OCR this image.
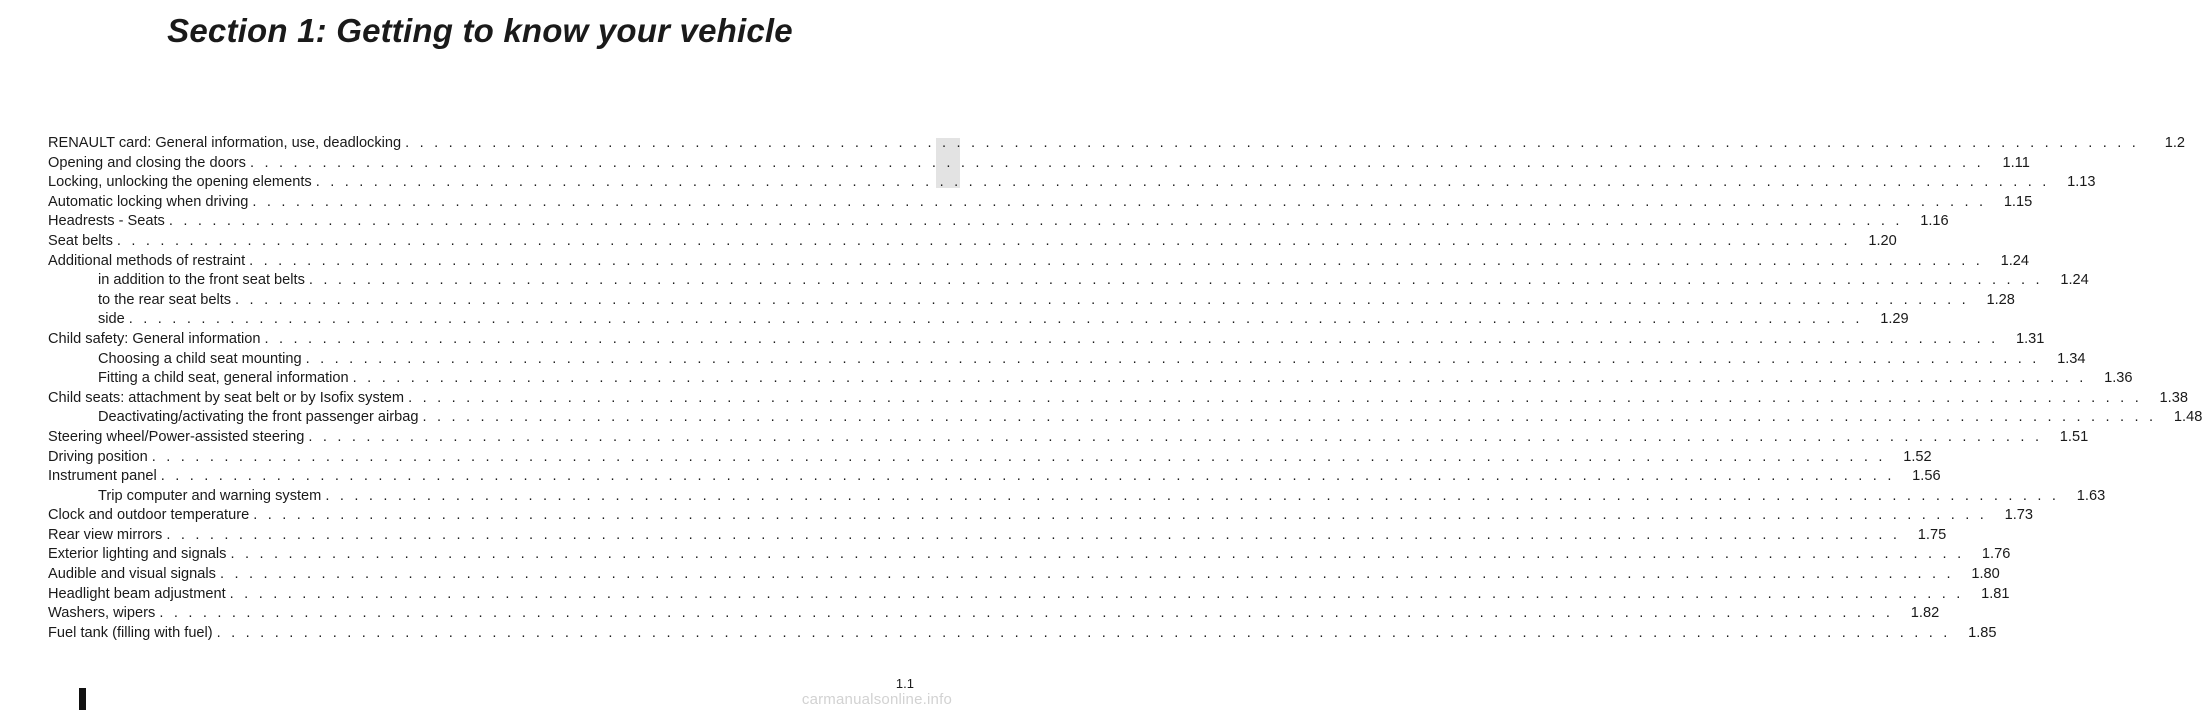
Section 1: Getting to know your vehicle
RENAULT card: General information, use, deadlocking . . . . . . . . . . . . . . . . . . . . . . . . . . . . . . . . . . . . . . . . . . . . . . . . . . . . . . . . . . . . . . . . . . . . . . . . . . . . . . . . . . . . . . . . . . . . . . . . . . . . . . . . . . . . . . . . . . . . . . . .	1.2
Opening and closing the doors . . . . . . . . . . . . . . . . . . . . . . . . . . . . . . . . . . . . . . . . . . . . . . . . . . . . . . . . . . . . . . . . . . . . . . . . . . . . . . . . . . . . . . . . . . . . . . . . . . . . . . . . . . . . . . . . . . . . . . . .	1.11
Locking, unlocking the opening elements . . . . . . . . . . . . . . . . . . . . . . . . . . . . . . . . . . . . . . . . . . . . . . . . . . . . . . . . . . . . . . . . . . . . . . . . . . . . . . . . . . . . . . . . . . . . . . . . . . . . . . . . . . . . . . . . . . . . . . . .	1.13
Automatic locking when driving . . . . . . . . . . . . . . . . . . . . . . . . . . . . . . . . . . . . . . . . . . . . . . . . . . . . . . . . . . . . . . . . . . . . . . . . . . . . . . . . . . . . . . . . . . . . . . . . . . . . . . . . . . . . . . . . . . . . . . . .	1.15
Headrests - Seats . . . . . . . . . . . . . . . . . . . . . . . . . . . . . . . . . . . . . . . . . . . . . . . . . . . . . . . . . . . . . . . . . . . . . . . . . . . . . . . . . . . . . . . . . . . . . . . . . . . . . . . . . . . . . . . . . . . . . . . .	1.16
Seat belts . . . . . . . . . . . . . . . . . . . . . . . . . . . . . . . . . . . . . . . . . . . . . . . . . . . . . . . . . . . . . . . . . . . . . . . . . . . . . . . . . . . . . . . . . . . . . . . . . . . . . . . . . . . . . . . . . . . . . . . .	1.20
Additional methods of restraint . . . . . . . . . . . . . . . . . . . . . . . . . . . . . . . . . . . . . . . . . . . . . . . . . . . . . . . . . . . . . . . . . . . . . . . . . . . . . . . . . . . . . . . . . . . . . . . . . . . . . . . . . . . . . . . . . . . . . . . .	1.24
in addition to the front seat belts . . . . . . . . . . . . . . . . . . . . . . . . . . . . . . . . . . . . . . . . . . . . . . . . . . . . . . . . . . . . . . . . . . . . . . . . . . . . . . . . . . . . . . . . . . . . . . . . . . . . . . . . . . . . . . . . . . . . . . . .	1.24
to the rear seat belts . . . . . . . . . . . . . . . . . . . . . . . . . . . . . . . . . . . . . . . . . . . . . . . . . . . . . . . . . . . . . . . . . . . . . . . . . . . . . . . . . . . . . . . . . . . . . . . . . . . . . . . . . . . . . . . . . . . . . . . .	1.28
side . . . . . . . . . . . . . . . . . . . . . . . . . . . . . . . . . . . . . . . . . . . . . . . . . . . . . . . . . . . . . . . . . . . . . . . . . . . . . . . . . . . . . . . . . . . . . . . . . . . . . . . . . . . . . . . . . . . . . . . .	1.29
Child safety: General information . . . . . . . . . . . . . . . . . . . . . . . . . . . . . . . . . . . . . . . . . . . . . . . . . . . . . . . . . . . . . . . . . . . . . . . . . . . . . . . . . . . . . . . . . . . . . . . . . . . . . . . . . . . . . . . . . . . . . . . .	1.31
Choosing a child seat mounting . . . . . . . . . . . . . . . . . . . . . . . . . . . . . . . . . . . . . . . . . . . . . . . . . . . . . . . . . . . . . . . . . . . . . . . . . . . . . . . . . . . . . . . . . . . . . . . . . . . . . . . . . . . . . . . . . . . . . . . .	1.34
Fitting a child seat, general information . . . . . . . . . . . . . . . . . . . . . . . . . . . . . . . . . . . . . . . . . . . . . . . . . . . . . . . . . . . . . . . . . . . . . . . . . . . . . . . . . . . . . . . . . . . . . . . . . . . . . . . . . . . . . . . . . . . . . . . .	1.36
Child seats: attachment by seat belt or by Isofix system . . . . . . . . . . . . . . . . . . . . . . . . . . . . . . . . . . . . . . . . . . . . . . . . . . . . . . . . . . . . . . . . . . . . . . . . . . . . . . . . . . . . . . . . . . . . . . . . . . . . . . . . . . . . . . . . . . . . . . . .	1.38
Deactivating/activating the front passenger airbag . . . . . . . . . . . . . . . . . . . . . . . . . . . . . . . . . . . . . . . . . . . . . . . . . . . . . . . . . . . . . . . . . . . . . . . . . . . . . . . . . . . . . . . . . . . . . . . . . . . . . . . . . . . . . . . . . . . . . . . .	1.48
Steering wheel/Power-assisted steering . . . . . . . . . . . . . . . . . . . . . . . . . . . . . . . . . . . . . . . . . . . . . . . . . . . . . . . . . . . . . . . . . . . . . . . . . . . . . . . . . . . . . . . . . . . . . . . . . . . . . . . . . . . . . . . . . . . . . . . .	1.51
Driving position . . . . . . . . . . . . . . . . . . . . . . . . . . . . . . . . . . . . . . . . . . . . . . . . . . . . . . . . . . . . . . . . . . . . . . . . . . . . . . . . . . . . . . . . . . . . . . . . . . . . . . . . . . . . . . . . . . . . . . . .	1.52
Instrument panel . . . . . . . . . . . . . . . . . . . . . . . . . . . . . . . . . . . . . . . . . . . . . . . . . . . . . . . . . . . . . . . . . . . . . . . . . . . . . . . . . . . . . . . . . . . . . . . . . . . . . . . . . . . . . . . . . . . . . . . .	1.56
Trip computer and warning system . . . . . . . . . . . . . . . . . . . . . . . . . . . . . . . . . . . . . . . . . . . . . . . . . . . . . . . . . . . . . . . . . . . . . . . . . . . . . . . . . . . . . . . . . . . . . . . . . . . . . . . . . . . . . . . . . . . . . . . .	1.63
Clock and outdoor temperature . . . . . . . . . . . . . . . . . . . . . . . . . . . . . . . . . . . . . . . . . . . . . . . . . . . . . . . . . . . . . . . . . . . . . . . . . . . . . . . . . . . . . . . . . . . . . . . . . . . . . . . . . . . . . . . . . . . . . . . .	1.73
Rear view mirrors . . . . . . . . . . . . . . . . . . . . . . . . . . . . . . . . . . . . . . . . . . . . . . . . . . . . . . . . . . . . . . . . . . . . . . . . . . . . . . . . . . . . . . . . . . . . . . . . . . . . . . . . . . . . . . . . . . . . . . . .	1.75
Exterior lighting and signals . . . . . . . . . . . . . . . . . . . . . . . . . . . . . . . . . . . . . . . . . . . . . . . . . . . . . . . . . . . . . . . . . . . . . . . . . . . . . . . . . . . . . . . . . . . . . . . . . . . . . . . . . . . . . . . . . . . . . . . .	1.76
Audible and visual signals . . . . . . . . . . . . . . . . . . . . . . . . . . . . . . . . . . . . . . . . . . . . . . . . . . . . . . . . . . . . . . . . . . . . . . . . . . . . . . . . . . . . . . . . . . . . . . . . . . . . . . . . . . . . . . . . . . . . . . . .	1.80
Headlight beam adjustment . . . . . . . . . . . . . . . . . . . . . . . . . . . . . . . . . . . . . . . . . . . . . . . . . . . . . . . . . . . . . . . . . . . . . . . . . . . . . . . . . . . . . . . . . . . . . . . . . . . . . . . . . . . . . . . . . . . . . . . .	1.81
Washers, wipers . . . . . . . . . . . . . . . . . . . . . . . . . . . . . . . . . . . . . . . . . . . . . . . . . . . . . . . . . . . . . . . . . . . . . . . . . . . . . . . . . . . . . . . . . . . . . . . . . . . . . . . . . . . . . . . . . . . . . . . .	1.82
Fuel tank (filling with fuel) . . . . . . . . . . . . . . . . . . . . . . . . . . . . . . . . . . . . . . . . . . . . . . . . . . . . . . . . . . . . . . . . . . . . . . . . . . . . . . . . . . . . . . . . . . . . . . . . . . . . . . . . . . . . . . . . . . . . . . . .	1.85
1.1
carmanualsonline.info
